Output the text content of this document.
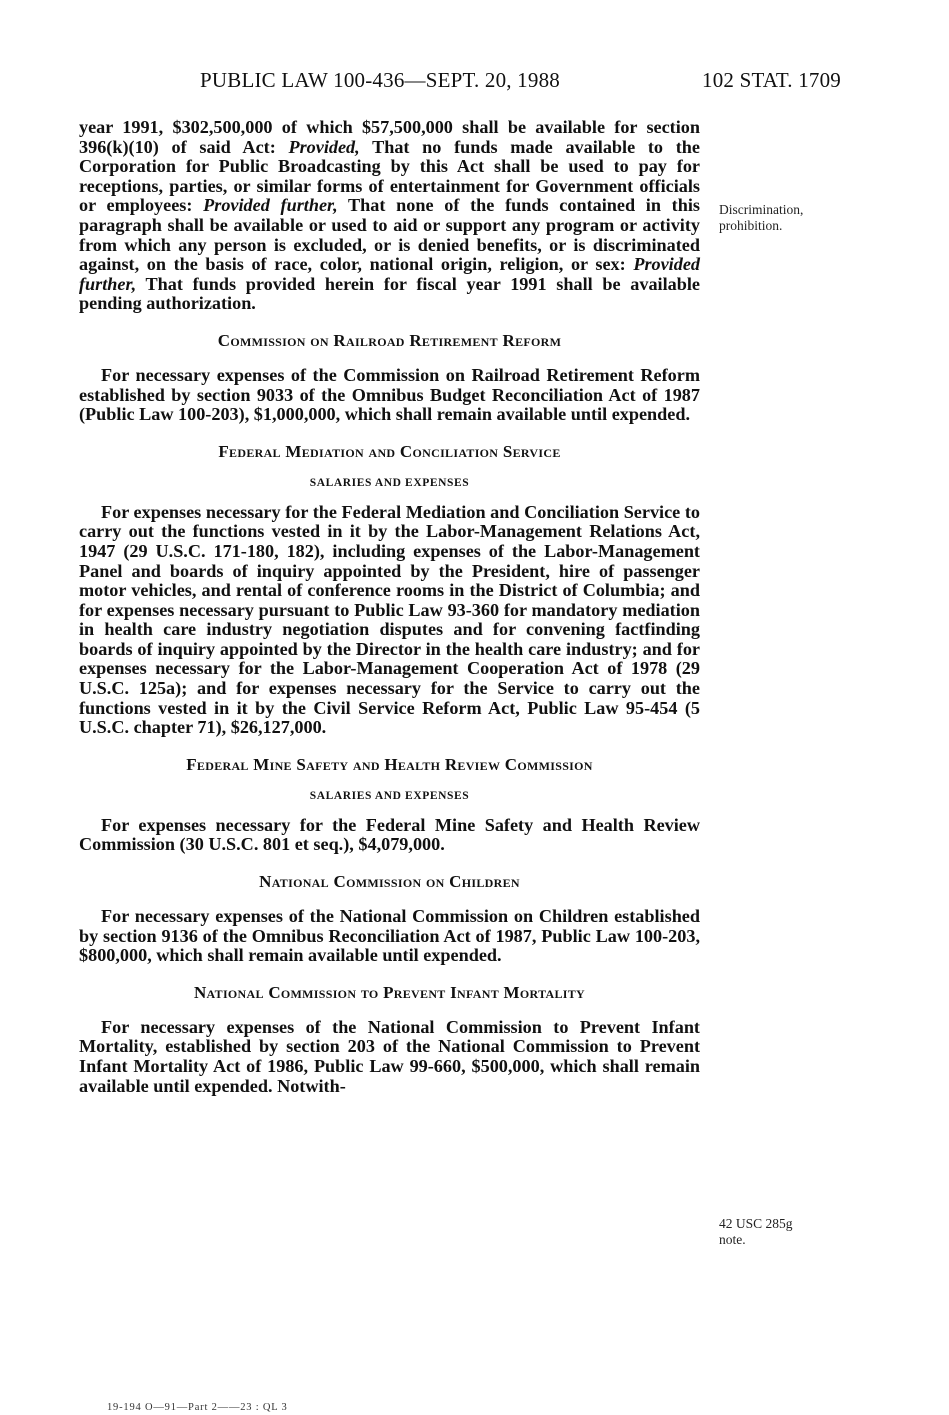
PUBLIC LAW 100-436—SEPT. 20, 1988	102 STAT. 1709
Discrimination,
prohibition.
42 USC 285g
note.

year 1991, $302,500,000 of which $57,500,000 shall be available for section 396(k)(10) of said Act: Provided, That no funds made available to the Corporation for Public Broadcasting by this Act shall be used to pay for receptions, parties, or similar forms of entertainment for Government officials or employees: Provided further, That none of the funds contained in this paragraph shall be available or used to aid or support any program or activity from which any person is excluded, or is denied benefits, or is discriminated against, on the basis of race, color, national origin, religion, or sex: Provided further, That funds provided herein for fiscal year 1991 shall be available pending authorization.

Commission on Railroad Retirement Reform

For necessary expenses of the Commission on Railroad Retirement Reform established by section 9033 of the Omnibus Budget Reconciliation Act of 1987 (Public Law 100-203), $1,000,000, which shall remain available until expended.

Federal Mediation and Conciliation Service
SALARIES AND EXPENSES

For expenses necessary for the Federal Mediation and Conciliation Service to carry out the functions vested in it by the Labor-Management Relations Act, 1947 (29 U.S.C. 171-180, 182), including expenses of the Labor-Management Panel and boards of inquiry appointed by the President, hire of passenger motor vehicles, and rental of conference rooms in the District of Columbia; and for expenses necessary pursuant to Public Law 93-360 for mandatory mediation in health care industry negotiation disputes and for convening factfinding boards of inquiry appointed by the Director in the health care industry; and for expenses necessary for the Labor-Management Cooperation Act of 1978 (29 U.S.C. 125a); and for expenses necessary for the Service to carry out the functions vested in it by the Civil Service Reform Act, Public Law 95-454 (5 U.S.C. chapter 71), $26,127,000.

Federal Mine Safety and Health Review Commission
SALARIES AND EXPENSES

For expenses necessary for the Federal Mine Safety and Health Review Commission (30 U.S.C. 801 et seq.), $4,079,000.

National Commission on Children

For necessary expenses of the National Commission on Children established by section 9136 of the Omnibus Reconciliation Act of 1987, Public Law 100-203, $800,000, which shall remain available until expended.

National Commission to Prevent Infant Mortality

For necessary expenses of the National Commission to Prevent Infant Mortality, established by section 203 of the National Commission to Prevent Infant Mortality Act of 1986, Public Law 99-660, $500,000, which shall remain available until expended. Notwith-

19-194 O—91—Part 2——23 : QL 3
